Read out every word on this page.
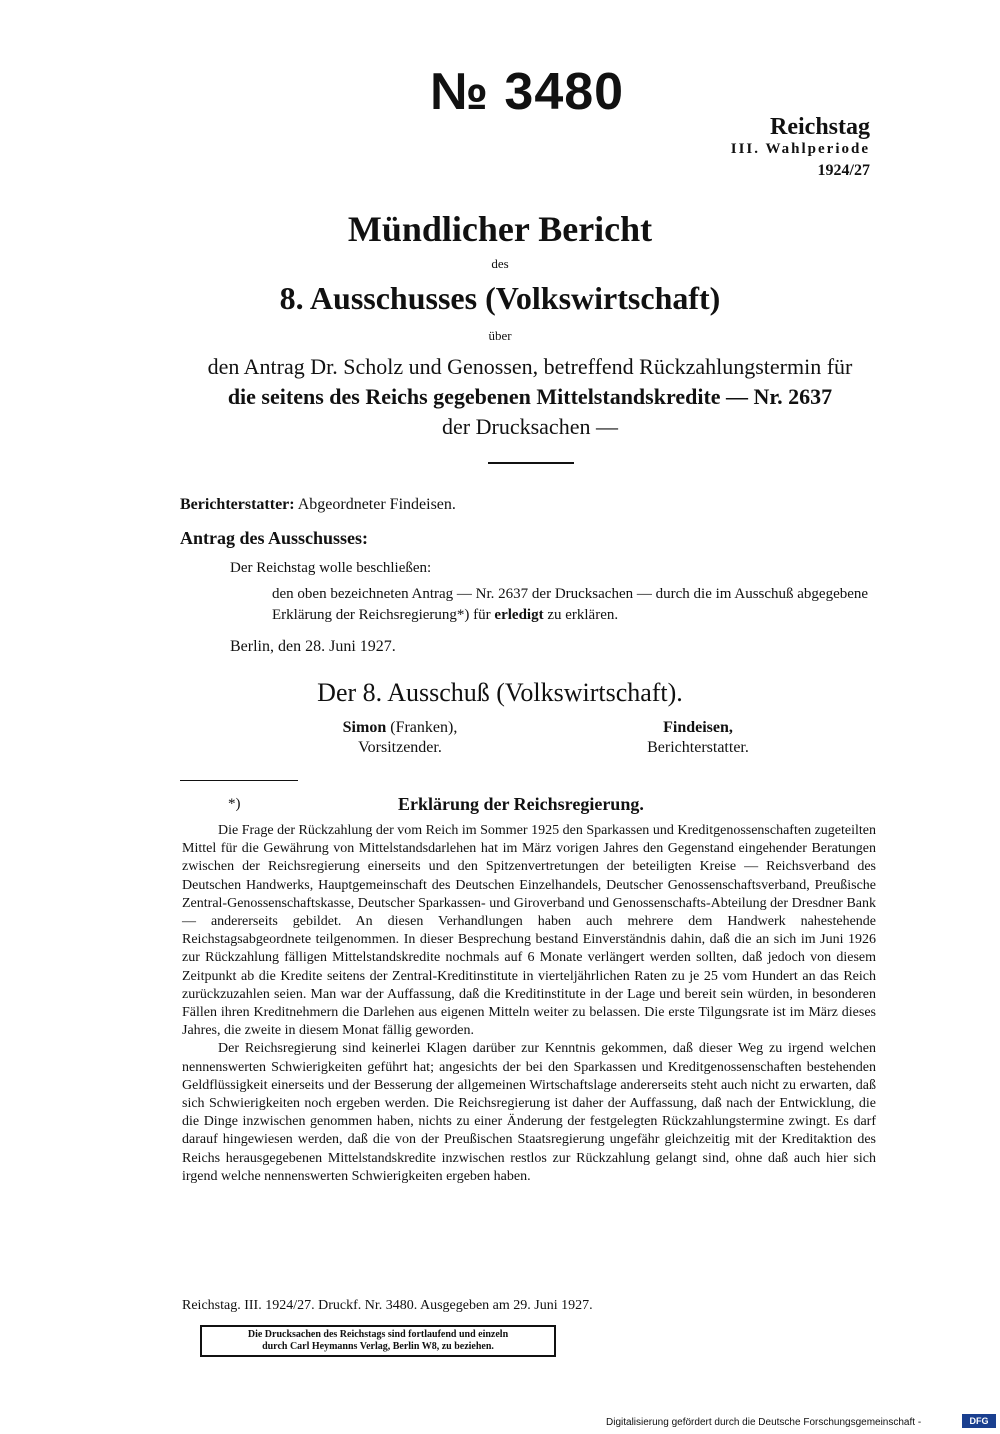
№ 3480
Reichstag
III. Wahlperiode
1924/27
Mündlicher Bericht
des
8. Ausschusses (Volkswirtschaft)
über
den Antrag Dr. Scholz und Genossen, betreffend Rückzahlungstermin für
die seitens des Reichs gegebenen Mittelstandskredite — Nr. 2637
der Drucksachen —
Berichterstatter: Abgeordneter Findeisen.
Antrag des Ausschusses:
Der Reichstag wolle beschließen:
den oben bezeichneten Antrag — Nr. 2637 der Drucksachen — durch die im Ausschuß abgegebene Erklärung der Reichsregierung*) für erledigt zu erklären.
Berlin, den 28. Juni 1927.
Der 8. Ausschuß (Volkswirtschaft).
Simon (Franken),
Vorsitzender.
Findeisen,
Berichterstatter.
*)	Erklärung der Reichsregierung.

Die Frage der Rückzahlung der vom Reich im Sommer 1925 den Sparkassen und Kreditgenossenschaften zugeteilten Mittel für die Gewährung von Mittelstandsdarlehen hat im März vorigen Jahres den Gegenstand eingehender Beratungen zwischen der Reichsregierung einerseits und den Spitzenvertretungen der beteiligten Kreise — Reichsverband des Deutschen Handwerks, Hauptgemeinschaft des Deutschen Einzelhandels, Deutscher Genossenschaftsverband, Preußische Zentral-Genossenschaftskasse, Deutscher Sparkassen- und Giroverband und Genossenschafts-Abteilung der Dresdner Bank — andererseits gebildet. An diesen Verhandlungen haben auch mehrere dem Handwerk nahestehende Reichstagsabgeordnete teilgenommen. In dieser Besprechung bestand Einverständnis dahin, daß die an sich im Juni 1926 zur Rückzahlung fälligen Mittelstandskredite nochmals auf 6 Monate verlängert werden sollten, daß jedoch von diesem Zeitpunkt ab die Kredite seitens der Zentral-Kreditinstitute in vierteljährlichen Raten zu je 25 vom Hundert an das Reich zurückzuzahlen seien. Man war der Auffassung, daß die Kreditinstitute in der Lage und bereit sein würden, in besonderen Fällen ihren Kreditnehmern die Darlehen aus eigenen Mitteln weiter zu belassen. Die erste Tilgungsrate ist im März dieses Jahres, die zweite in diesem Monat fällig geworden.

Der Reichsregierung sind keinerlei Klagen darüber zur Kenntnis gekommen, daß dieser Weg zu irgend welchen nennenswerten Schwierigkeiten geführt hat; angesichts der bei den Sparkassen und Kreditgenossenschaften bestehenden Geldflüssigkeit einerseits und der Besserung der allgemeinen Wirtschaftslage andererseits steht auch nicht zu erwarten, daß sich Schwierigkeiten noch ergeben werden. Die Reichsregierung ist daher der Auffassung, daß nach der Entwicklung, die die Dinge inzwischen genommen haben, nichts zu einer Änderung der festgelegten Rückzahlungstermine zwingt. Es darf darauf hingewiesen werden, daß die von der Preußischen Staatsregierung ungefähr gleichzeitig mit der Kreditaktion des Reichs herausgegebenen Mittelstandskredite inzwischen restlos zur Rückzahlung gelangt sind, ohne daß auch hier sich irgend welche nennenswerten Schwierigkeiten ergeben haben.

Reichstag. III. 1924/27. Druckf. Nr. 3480. Ausgegeben am 29. Juni 1927.
Die Drucksachen des Reichstags sind fortlaufend und einzeln
durch Carl Heymanns Verlag, Berlin W8, zu beziehen.
Digitalisierung gefördert durch die Deutsche Forschungsgemeinschaft -	DFG
